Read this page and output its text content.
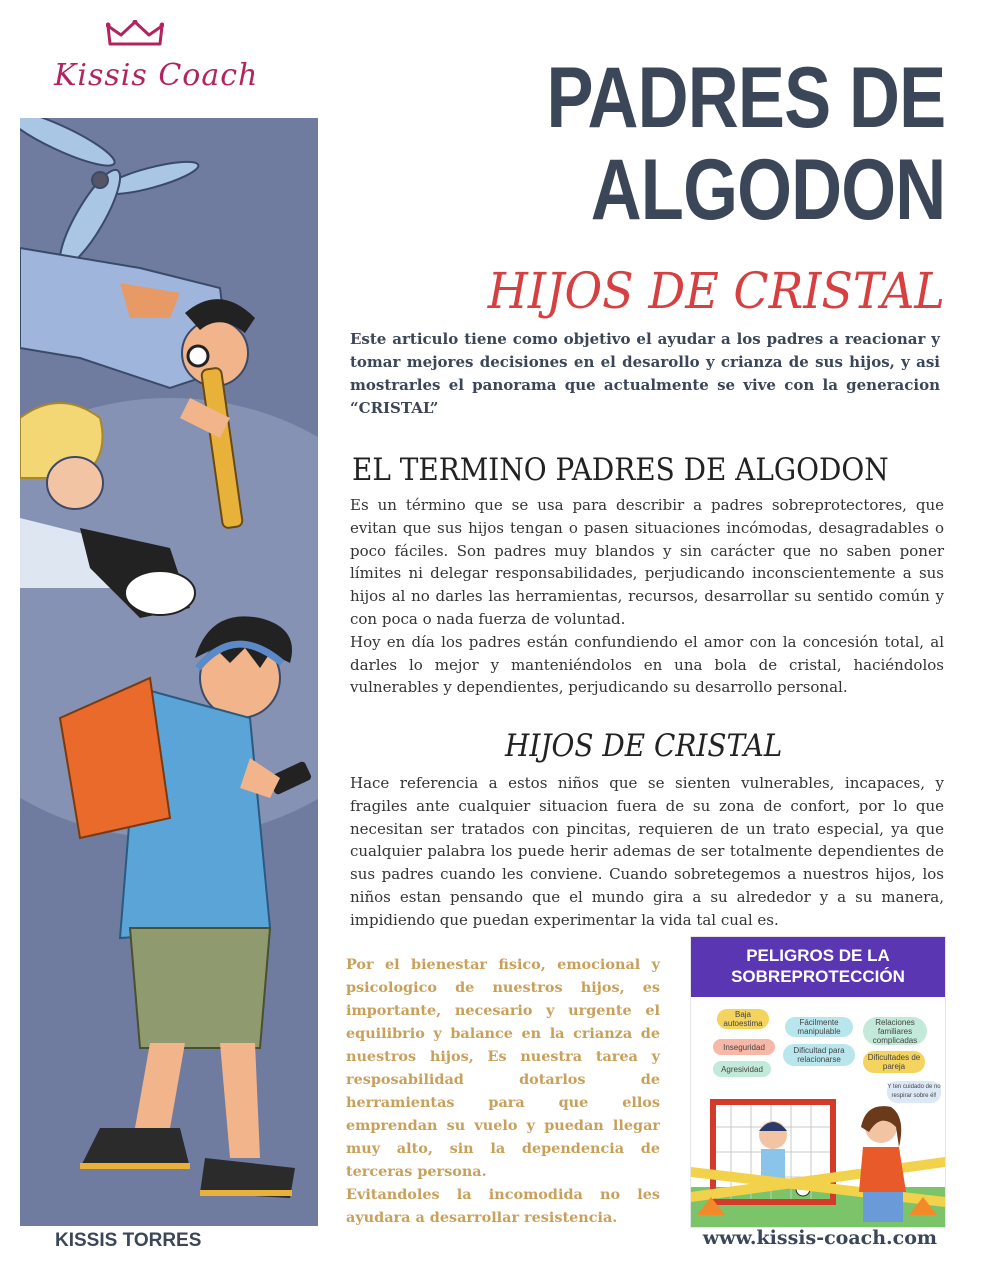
Kissis Coach	PADRES DE
ALGODON
HIJOS DE CRISTAL
Este articulo tiene como objetivo el ayudar a los padres a reacionar y tomar mejores decisiones en el desarollo y crianza de sus hijos, y asi mostrarles el panorama que actualmente se vive con la generacion “CRISTAL”
EL TERMINO PADRES DE ALGODON
Es un término que se usa para describir a padres sobreprotectores, que evitan que sus hijos tengan o pasen situaciones incómodas, desagradables o poco fáciles. Son padres muy blandos y sin carácter que no saben poner límites ni delegar responsabilidades, perjudicando inconscientemente a sus hijos al no darles las herramientas, recursos, desarrollar su sentido común y con poca o nada fuerza de voluntad.
Hoy en día los padres están confundiendo el amor con la concesión total, al darles lo mejor y manteniéndolos en una bola de cristal, haciéndolos vulnerables y dependientes, perjudicando su desarrollo personal.
HIJOS DE CRISTAL
Hace referencia a estos niños que se sienten vulnerables, incapaces, y fragiles ante cualquier situacion fuera de su zona de confort, por lo que necesitan ser tratados con pincitas, requieren de un trato especial, ya que cualquier palabra los puede herir ademas de ser totalmente dependientes de sus padres cuando les conviene. Cuando sobretegemos a nuestros hijos, los niños estan pensando que el mundo gira a su alrededor y a su manera, impidiendo que puedan experimentar la vida tal cual es.

Por el bienestar fisico, emocional y psicologico de nuestros hijos, es importante, necesario y urgente el equilibrio y balance en la crianza de nuestros hijos, Es nuestra tarea y resposabilidad dotarlos de herramientas para que ellos emprendan su vuelo y puedan llegar muy alto, sin la dependencia de terceras persona.

Evitandoles la incomodida no les ayudara a desarrollar resistencia.

PELIGROS DE LA
SOBREPROTECCIÓN
Baja autoestima	Fácilmente manipulable
Relaciones familiares complicadas
Inseguridad	Dificultad para relacionarse	Dificultades de pareja
Agresividad
Y ten cuidado de no respirar sobre él!
KISSIS TORRES	www.kissis-coach.com
